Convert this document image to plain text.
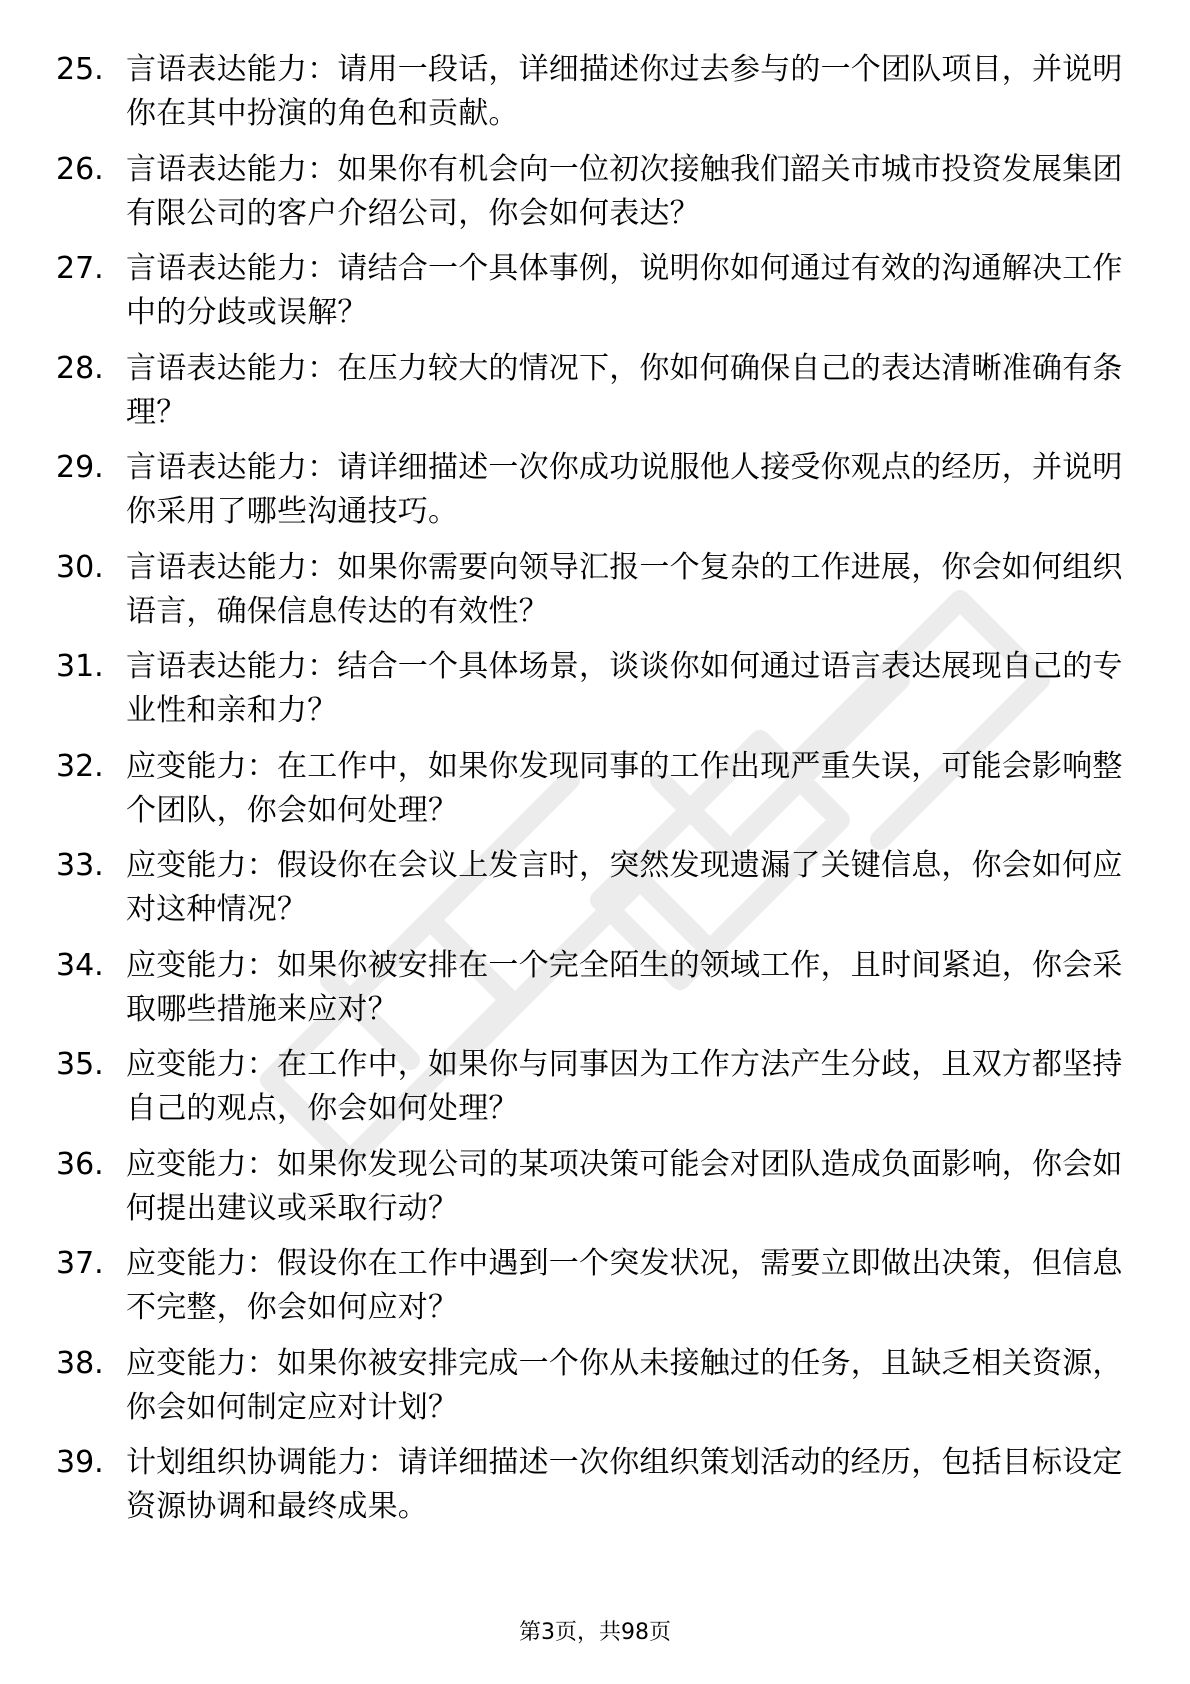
25. 言语表达能力：请用一段话，详细描述你过去参与的一个团队项目，并说明你在其中扮演的角色和贡献。
26. 言语表达能力：如果你有机会向一位初次接触我们韶关市城市投资发展集团有限公司的客户介绍公司，你会如何表达？
27. 言语表达能力：请结合一个具体事例，说明你如何通过有效的沟通解决工作中的分歧或误解？
28. 言语表达能力：在压力较大的情况下，你如何确保自己的表达清晰准确有条理？
29. 言语表达能力：请详细描述一次你成功说服他人接受你观点的经历，并说明你采用了哪些沟通技巧。
30. 言语表达能力：如果你需要向领导汇报一个复杂的工作进展，你会如何组织语言，确保信息传达的有效性？
31. 言语表达能力：结合一个具体场景，谈谈你如何通过语言表达展现自己的专业性和亲和力？
32. 应变能力：在工作中，如果你发现同事的工作出现严重失误，可能会影响整个团队，你会如何处理？
33. 应变能力：假设你在会议上发言时，突然发现遗漏了关键信息，你会如何应对这种情况？
34. 应变能力：如果你被安排在一个完全陌生的领域工作，且时间紧迫，你会采取哪些措施来应对？
35. 应变能力：在工作中，如果你与同事因为工作方法产生分歧，且双方都坚持自己的观点，你会如何处理？
36. 应变能力：如果你发现公司的某项决策可能会对团队造成负面影响，你会如何提出建议或采取行动？
37. 应变能力：假设你在工作中遇到一个突发状况，需要立即做出决策，但信息不完整，你会如何应对？
38. 应变能力：如果你被安排完成一个你从未接触过的任务，且缺乏相关资源，你会如何制定应对计划？
39. 计划组织协调能力：请详细描述一次你组织策划活动的经历，包括目标设定资源协调和最终成果。
第3页，共98页
